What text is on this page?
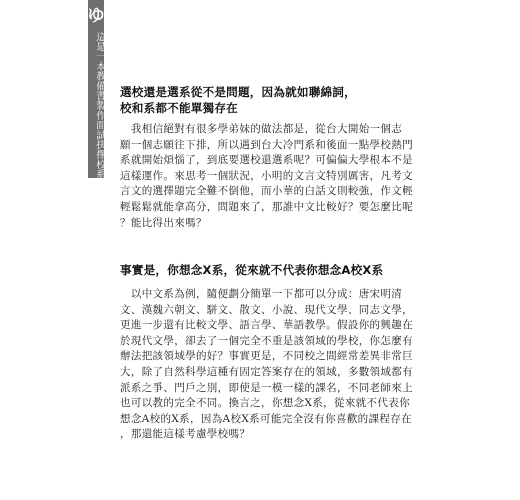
ゆ
這是一本教備書製作面試抉擇校系的書 選校還是選系從不是問題，因為就如聯綿詞，
校和系都不能單獨存在
　我相信絕對有很多學弟妹的做法都是，從台大開始一個志
願一個志願往下排，所以遇到台大冷門系和後面一點學校熱門
系就開始煩惱了，到底要選校還選系呢？可偏偏大學根本不是
這樣運作。來思考一個狀況，小明的文言文特別厲害，凡考文
言文的選擇題完全難不倒他，而小華的白話文則較強，作文輕
輕鬆鬆就能拿高分，問題來了，那誰中文比較好？要怎麼比呢
？能比得出來嗎？
事實是，你想念X系，從來就不代表你想念A校X系
　以中文系為例，隨便劃分簡單一下都可以分成：唐宋明清
文、漢魏六朝文、駢文、散文、小說、現代文學、同志文學，
更進一步還有比較文學、語言學、華語教學。假設你的興趣在
於現代文學，卻去了一個完全不重是該領域的學校，你怎麼有
辦法把該領域學的好？事實更是，不同校之間經常差異非常巨
大，除了自然科學這種有固定答案存在的領域，多數領域都有
派系之爭、門戶之別，即使是一模一樣的課名，不同老師來上
也可以教的完全不同。換言之，你想念X系，從來就不代表你
想念A校的X系，因為A校X系可能完全沒有你喜歡的課程存在
，那還能這樣考慮學校嗎？
